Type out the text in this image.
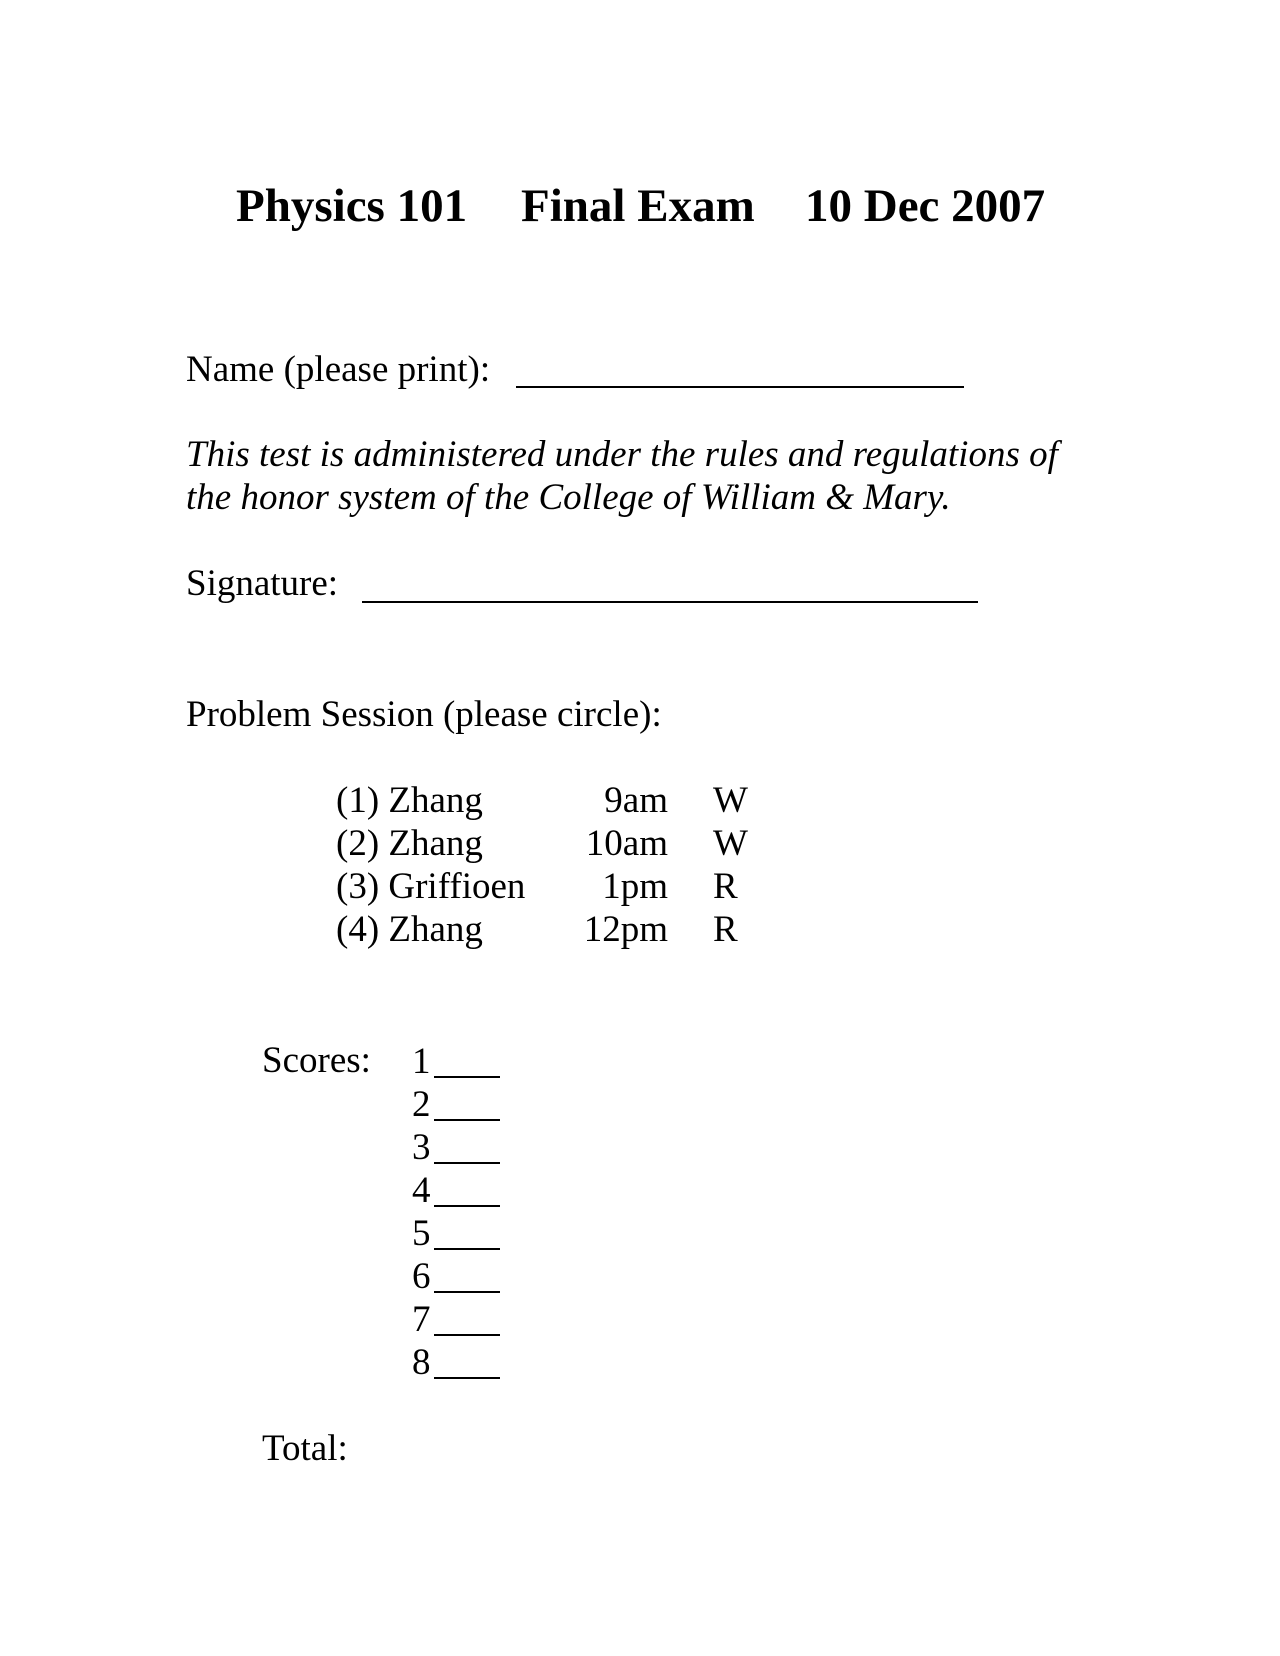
Physics 101 Final Exam 10 Dec 2007
Name (please print):
This test is administered under the rules and regulations of
the honor system of the College of William & Mary.
Signature:
Problem Session (please circle):
(1) Zhang	9am W
(2) Zhang	10am W
(3) Griffioen 1pm R
(4) Zhang	12pm R
Scores: 1
2
3
4
5
6
7
8
Total:
